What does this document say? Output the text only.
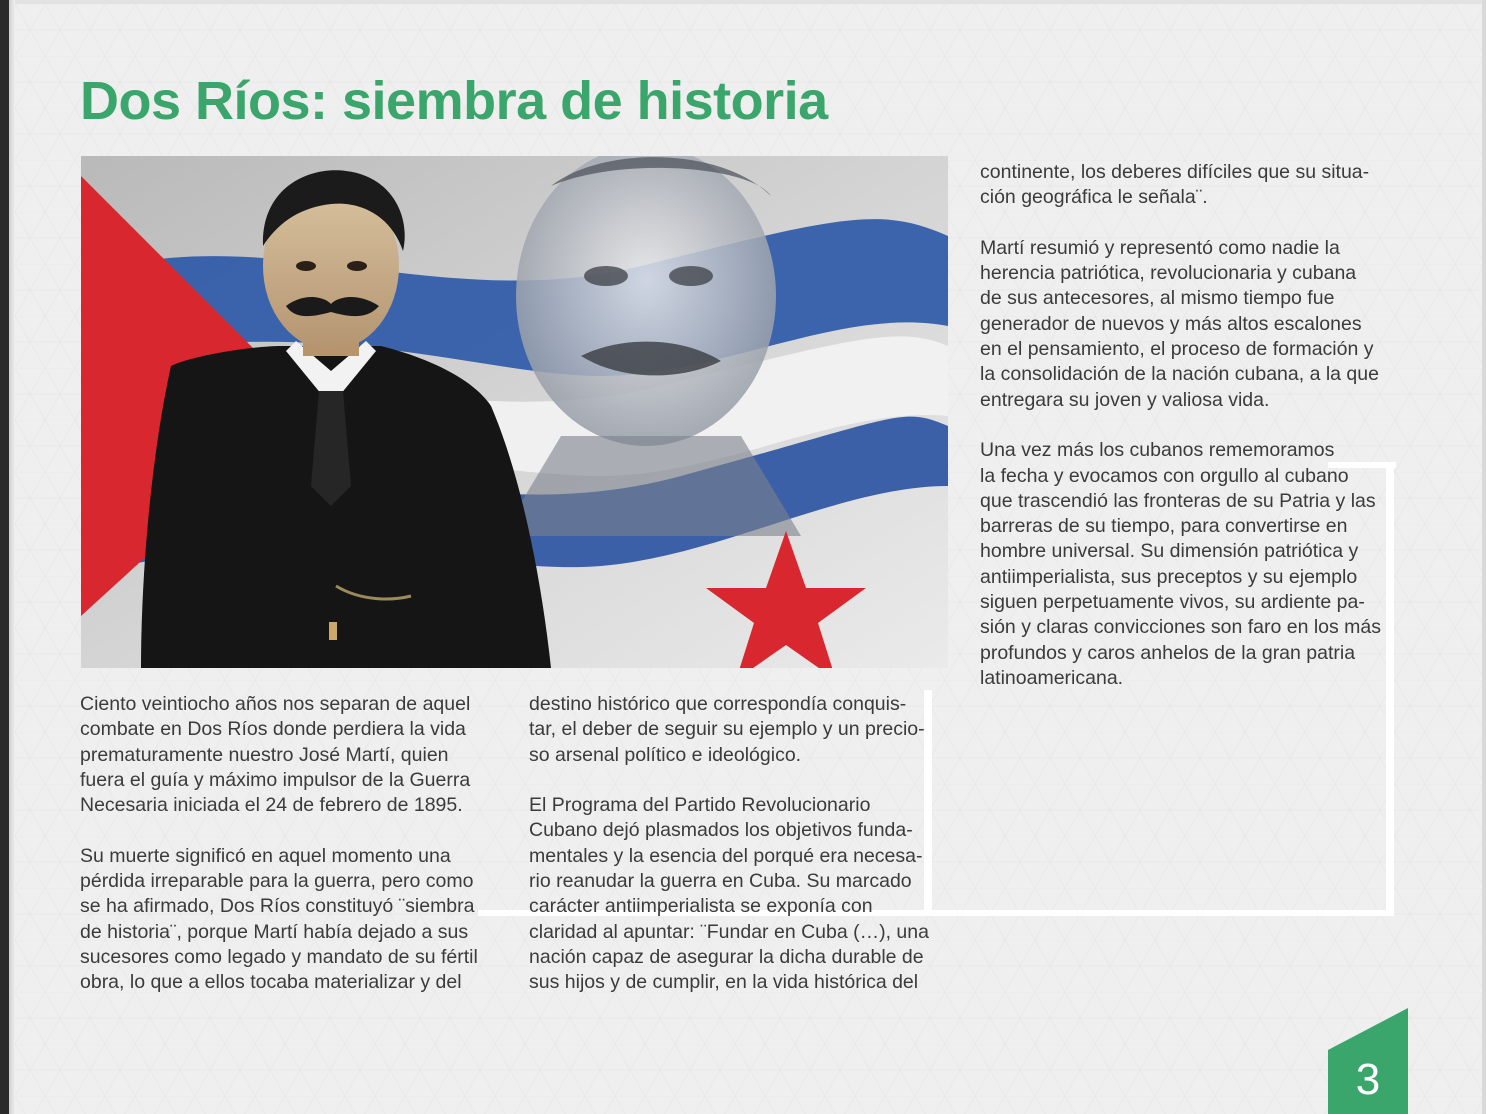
Dos Ríos: siembra de historia

Ciento veintiocho años nos separan de aquel
combate en Dos Ríos donde perdiera la vida
prematuramente nuestro José Martí, quien
fuera el guía y máximo impulsor de la Guerra
Necesaria iniciada el 24 de febrero de 1895.

Su muerte significó en aquel momento una
pérdida irreparable para la guerra, pero como
se ha afirmado, Dos Ríos constituyó ¨siembra
de historia¨, porque Martí había dejado a sus
sucesores como legado y mandato de su fértil
obra, lo que a ellos tocaba materializar y del

destino histórico que correspondía conquis-
tar, el deber de seguir su ejemplo y un precio-
so arsenal político e ideológico.

El Programa del Partido Revolucionario
Cubano dejó plasmados los objetivos funda-
mentales y la esencia del porqué era necesa-
rio reanudar la guerra en Cuba. Su marcado
carácter antiimperialista se exponía con
claridad al apuntar: ¨Fundar en Cuba (…), una
nación capaz de asegurar la dicha durable de
sus hijos y de cumplir, en la vida histórica del

continente, los deberes difíciles que su situa-
ción geográfica le señala¨.

Martí resumió y representó como nadie la
herencia patriótica, revolucionaria y cubana
de sus antecesores, al mismo tiempo fue
generador de nuevos y más altos escalones
en el pensamiento, el proceso de formación y
la consolidación de la nación cubana, a la que
entregara su joven y valiosa vida.

Una vez más los cubanos rememoramos
la fecha y evocamos con orgullo al cubano
que trascendió las fronteras de su Patria y las
barreras de su tiempo, para convertirse en
hombre universal. Su dimensión patriótica y
antiimperialista, sus preceptos y su ejemplo
siguen perpetuamente vivos, su ardiente pa-
sión y claras convicciones son faro en los más
profundos y caros anhelos de la gran patria
latinoamericana.

3
